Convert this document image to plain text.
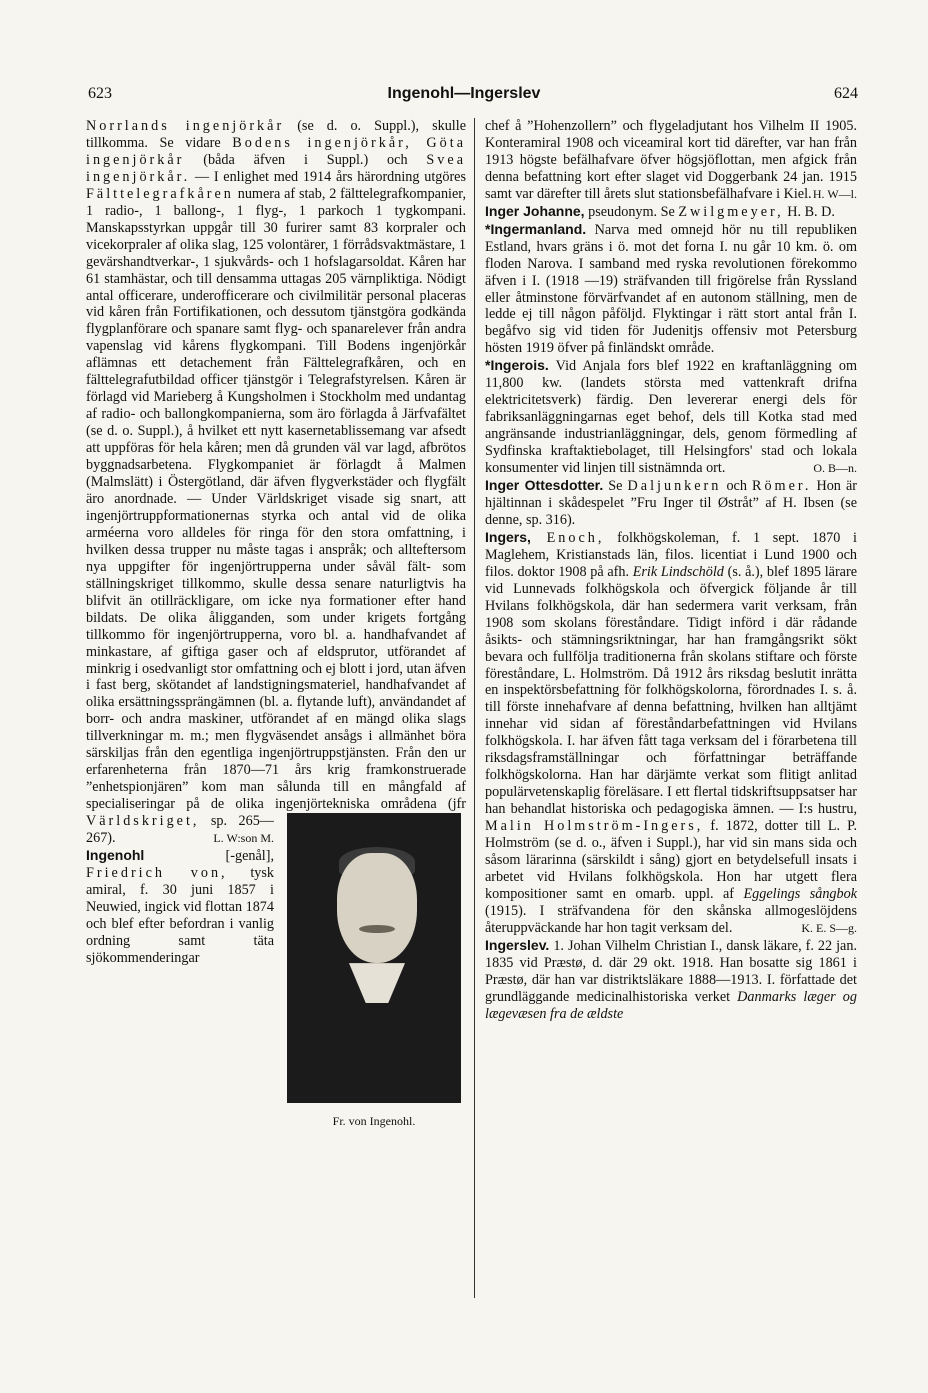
623	Ingenohl—Ingerslev	624

Norrlands ingenjörkår (se d. o. Suppl.), skulle tillkomma. Se vidare Bodens ingenjörkår, Göta ingenjörkår (båda äfven i Suppl.) och Svea ingenjörkår. — I enlighet med 1914 års härordning utgöres Fälttelegrafkåren numera af stab, 2 fälttelegrafkompanier, 1 radio-, 1 ballong-, 1 flyg-, 1 parkoch 1 tygkompani. Manskapsstyrkan uppgår till 30 furirer samt 83 korpraler och vicekorpraler af olika slag, 125 volontärer, 1 förrådsvaktmästare, 1 gevärshandtverkar-, 1 sjukvårds- och 1 hofslagarsoldat. Kåren har 61 stamhästar, och till densamma uttagas 205 värnpliktiga. Nödigt antal officerare, underofficerare och civilmilitär personal placeras vid kåren från Fortifikationen, och dessutom tjänstgöra godkända flygplanförare och spanare samt flyg- och spanarelever från andra vapenslag vid kårens flygkompani. Till Bodens ingenjörkår aflämnas ett detachement från Fälttelegrafkåren, och en fälttelegrafutbildad officer tjänstgör i Telegrafstyrelsen. Kåren är förlagd vid Marieberg å Kungsholmen i Stockholm med undantag af radio- och ballongkompanierna, som äro förlagda å Järfvafältet (se d. o. Suppl.), å hvilket ett nytt kasernetablissemang var afsedt att uppföras för hela kåren; men då grunden väl var lagd, afbrötos byggnadsarbetena. Flygkompaniet är förlagdt å Malmen (Malmslätt) i Östergötland, där äfven flygverkstäder och flygfält äro anordnade. — Under Världskriget visade sig snart, att ingenjörtruppformationernas styrka och antal vid de olika arméerna voro alldeles för ringa för den stora omfattning, i hvilken dessa trupper nu måste tagas i anspråk; och allteftersom nya uppgifter för ingenjörtrupperna under såväl fält- som ställningskriget tillkommo, skulle dessa senare naturligtvis ha blifvit än otillräckligare, om icke nya formationer efter hand bildats. De olika åligganden, som under krigets fortgång tillkommo för ingenjörtrupperna, voro bl. a. handhafvandet af minkastare, af giftiga gaser och af eldsprutor, utförandet af minkrig i osedvanligt stor omfattning och ej blott i jord, utan äfven i fast berg, skötandet af landstigningsmateriel, handhafvandet af olika ersättningssprängämnen (bl. a. flytande luft), användandet af borr- och andra maskiner, utförandet af en mängd olika slags tillverkningar m. m.; men flygväsendet ansågs i allmänhet böra särskiljas från den egentliga ingenjörtruppstjänsten. Från den ur erfarenheterna från 1870—71 års krig framkonstruerade ”enhetspionjären” kom man sålunda till en mångfald af specialiseringar på de olika ingenjörtekniska områdena (jfr
Fr. von Ingenohl.
Världskriget, sp. 265—267).	L. W:son M.

Ingenohl [-genål], Friedrich von, tysk amiral, f. 30 juni 1857 i Neuwied, ingick vid flottan 1874 och blef efter befordran i vanlig ordning samt täta sjökommenderingar

chef å ”Hohenzollern” och flygeladjutant hos Vilhelm II 1905. Konteramiral 1908 och viceamiral kort tid därefter, var han från 1913 högste befälhafvare öfver högsjöflottan, men afgick från denna befattning kort efter slaget vid Doggerbank 24 jan. 1915 samt var därefter till årets slut stationsbefälhafvare i Kiel. H. W—l.

Inger Johanne, pseudonym. Se Zwilgmeyer, H. B. D.

*Ingermanland. Narva med omnejd hör nu till republiken Estland, hvars gräns i ö. mot det forna I. nu går 10 km. ö. om floden Narova. I samband med ryska revolutionen förekommo äfven i I. (1918 —19) sträfvanden till frigörelse från Ryssland eller åtminstone förvärfvandet af en autonom ställning, men de ledde ej till någon påföljd. Flyktingar i rätt stort antal från I. begåfvo sig vid tiden för Judenitjs offensiv mot Petersburg hösten 1919 öfver på finländskt område.

*Ingerois. Vid Anjala fors blef 1922 en kraftanläggning om 11,800 kw. (landets största med vattenkraft drifna elektricitetsverk) färdig. Den levererar energi dels för fabriksanläggningarnas eget behof, dels till Kotka stad med angränsande industrianläggningar, dels, genom förmedling af Sydfinska kraftaktiebolaget, till Helsingfors' stad och lokala konsumenter vid linjen till sistnämnda ort.	O. B—n.

Inger Ottesdotter. Se Daljunkern och Römer. Hon är hjältinnan i skådespelet ”Fru Inger til Østråt” af H. Ibsen (se denne, sp. 316).

Ingers, Enoch, folkhögskoleman, f. 1 sept. 1870 i Maglehem, Kristianstads län, filos. licentiat i Lund 1900 och filos. doktor 1908 på afh. Erik Lindschöld (s. å.), blef 1895 lärare vid Lunnevads folkhögskola och öfvergick följande år till Hvilans folkhögskola, där han sedermera varit verksam, från 1908 som skolans föreståndare. Tidigt införd i där rådande åsikts- och stämningsriktningar, har han framgångsrikt sökt bevara och fullfölja traditionerna från skolans stiftare och förste föreståndare, L. Holmström. Då 1912 års riksdag beslutit inrätta en inspektörsbefattning för folkhögskolorna, förordnades I. s. å. till förste innehafvare af denna befattning, hvilken han alltjämt innehar vid sidan af föreståndarbefattningen vid Hvilans folkhögskola. I. har äfven fått taga verksam del i förarbetena till riksdagsframställningar och författningar beträffande folkhögskolorna. Han har därjämte verkat som flitigt anlitad populärvetenskaplig föreläsare. I ett flertal tidskriftsuppsatser har han behandlat historiska och pedagogiska ämnen. — I:s hustru, Malin Holmström-Ingers, f. 1872, dotter till L. P. Holmström (se d. o., äfven i Suppl.), har vid sin mans sida och såsom lärarinna (särskildt i sång) gjort en betydelsefull insats i arbetet vid Hvilans folkhögskola. Hon har utgett flera kompositioner samt en omarb. uppl. af Eggelings sångbok (1915). I sträfvandena för den skånska allmogeslöjdens återuppväckande har hon tagit verksam del.	K. E. S—g.

Ingerslev. 1. Johan Vilhelm Christian I., dansk läkare, f. 22 jan. 1835 vid Præstø, d. där 29 okt. 1918. Han bosatte sig 1861 i Præstø, där han var distriktsläkare 1888—1913. I. författade det grundläggande medicinalhistoriska verket Danmarks læger og lægevæsen fra de ældste
